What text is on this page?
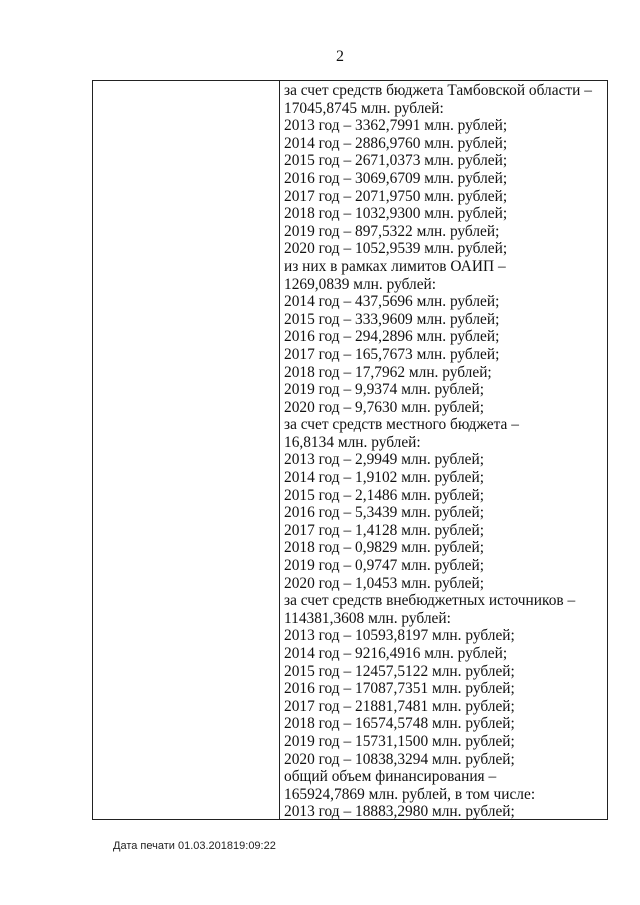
2
за счет средств бюджета Тамбовской области –
17045,8745 млн. рублей:
2013 год – 3362,7991 млн. рублей;
2014 год – 2886,9760 млн. рублей;
2015 год – 2671,0373 млн. рублей;
2016 год – 3069,6709 млн. рублей;
2017 год – 2071,9750 млн. рублей;
2018 год – 1032,9300 млн. рублей;
2019 год – 897,5322 млн. рублей;
2020 год – 1052,9539 млн. рублей;
из них в рамках лимитов ОАИП –
1269,0839 млн. рублей:
2014 год – 437,5696 млн. рублей;
2015 год – 333,9609 млн. рублей;
2016 год – 294,2896 млн. рублей;
2017 год – 165,7673 млн. рублей;
2018 год – 17,7962 млн. рублей;
2019 год – 9,9374 млн. рублей;
2020 год – 9,7630 млн. рублей;
за счет средств местного бюджета –
16,8134 млн. рублей:
2013 год – 2,9949 млн. рублей;
2014 год – 1,9102 млн. рублей;
2015 год – 2,1486 млн. рублей;
2016 год – 5,3439 млн. рублей;
2017 год – 1,4128 млн. рублей;
2018 год – 0,9829 млн. рублей;
2019 год – 0,9747 млн. рублей;
2020 год – 1,0453 млн. рублей;
за счет средств внебюджетных источников –
114381,3608 млн. рублей:
2013 год – 10593,8197 млн. рублей;
2014 год – 9216,4916 млн. рублей;
2015 год – 12457,5122 млн. рублей;
2016 год – 17087,7351 млн. рублей;
2017 год – 21881,7481 млн. рублей;
2018 год – 16574,5748 млн. рублей;
2019 год – 15731,1500 млн. рублей;
2020 год – 10838,3294 млн. рублей;
общий объем финансирования –
165924,7869 млн. рублей, в том числе:
2013 год – 18883,2980 млн. рублей;
Дата печати 01.03.201819:09:22
